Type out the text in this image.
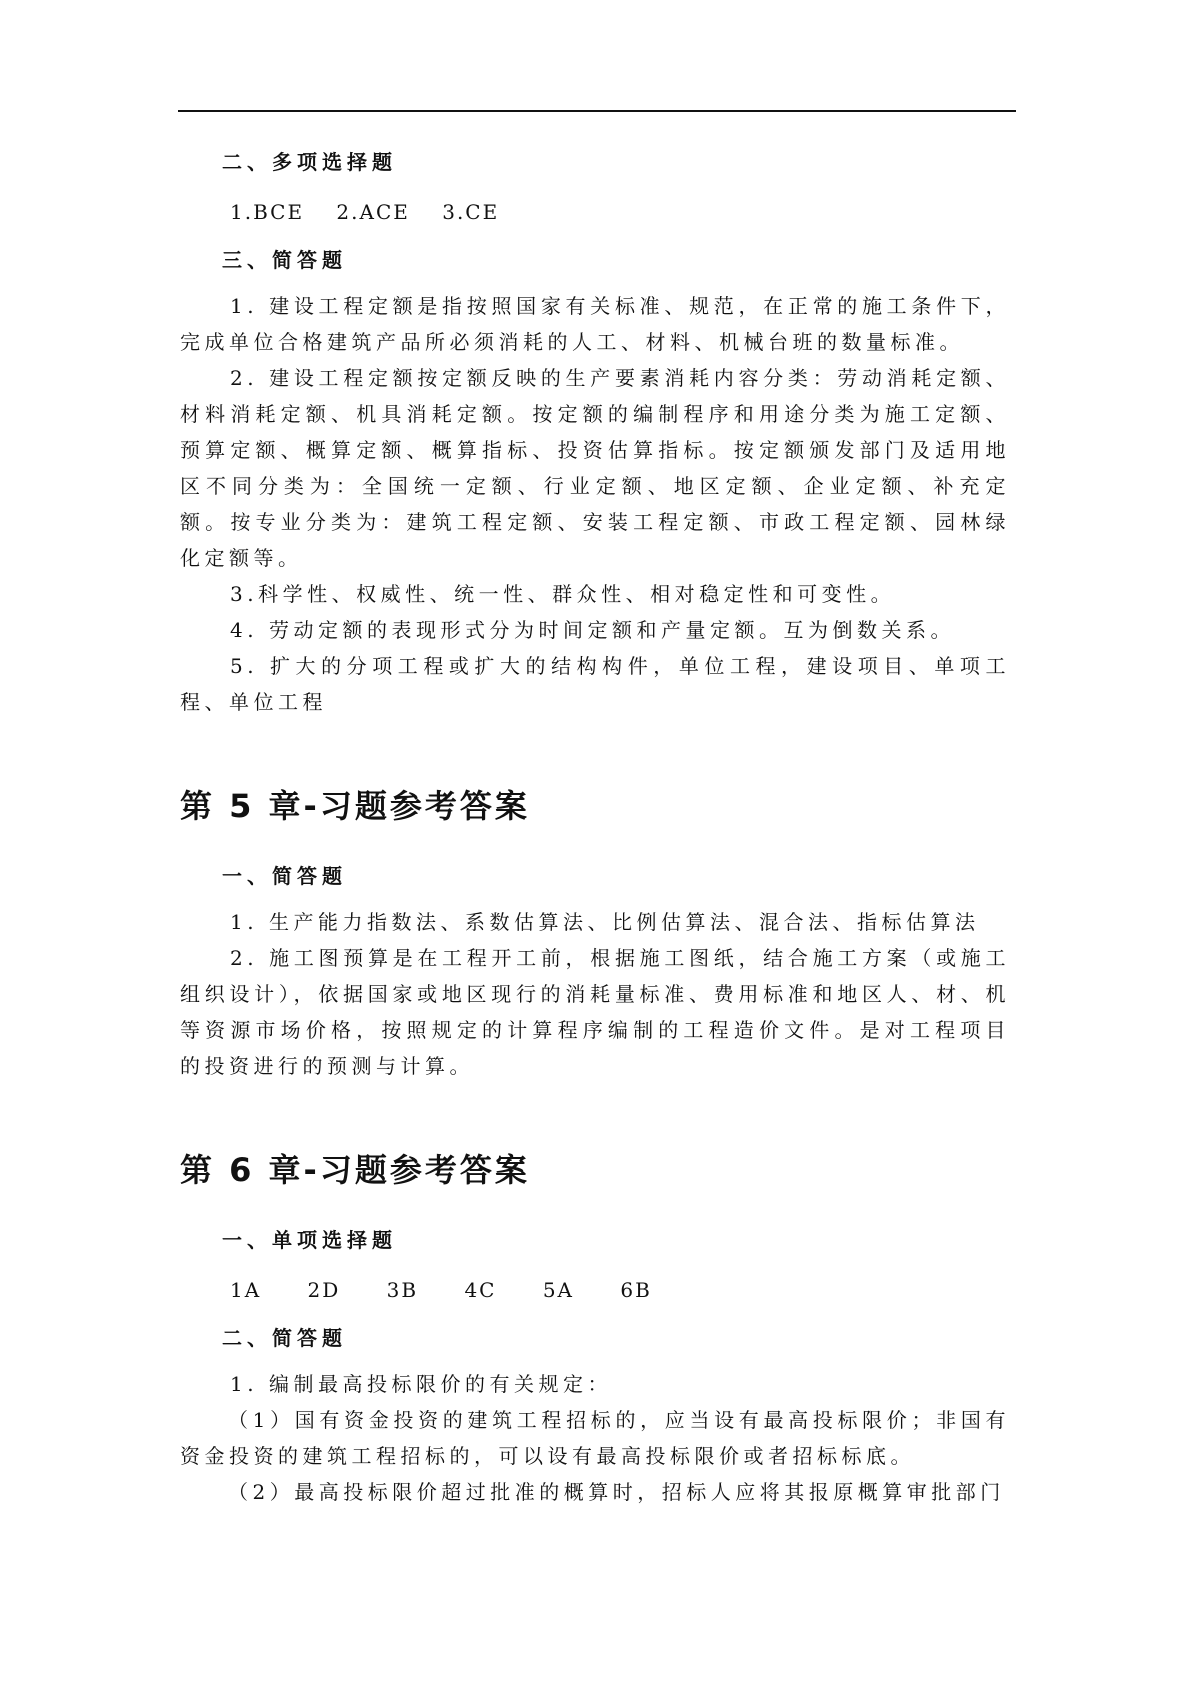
二、多项选择题
1.BCE 2.ACE 3.CE
三、简答题

1. 建设工程定额是指按照国家有关标准、规范，在正常的施工条件下，完成单位合格建筑产品所必须消耗的人工、材料、机械台班的数量标准。

2. 建设工程定额按定额反映的生产要素消耗内容分类：劳动消耗定额、材料消耗定额、机具消耗定额。按定额的编制程序和用途分类为施工定额、预算定额、概算定额、概算指标、投资估算指标。按定额颁发部门及适用地区不同分类为：全国统一定额、行业定额、地区定额、企业定额、补充定额。按专业分类为：建筑工程定额、安装工程定额、市政工程定额、园林绿化定额等。

3.科学性、权威性、统一性、群众性、相对稳定性和可变性。

4. 劳动定额的表现形式分为时间定额和产量定额。互为倒数关系。

5. 扩大的分项工程或扩大的结构构件，单位工程，建设项目、单项工程、单位工程

第 5 章-习题参考答案
一、简答题

1. 生产能力指数法、系数估算法、比例估算法、混合法、指标估算法

2. 施工图预算是在工程开工前，根据施工图纸，结合施工方案（或施工组织设计），依据国家或地区现行的消耗量标准、费用标准和地区人、材、机等资源市场价格，按照规定的计算程序编制的工程造价文件。是对工程项目的投资进行的预测与计算。

第 6 章-习题参考答案
一、单项选择题
1A 2D 3B 4C 5A 6B
二、简答题

1. 编制最高投标限价的有关规定：

（1）国有资金投资的建筑工程招标的，应当设有最高投标限价；非国有资金投资的建筑工程招标的，可以设有最高投标限价或者招标标底。

（2）最高投标限价超过批准的概算时，招标人应将其报原概算审批部门
